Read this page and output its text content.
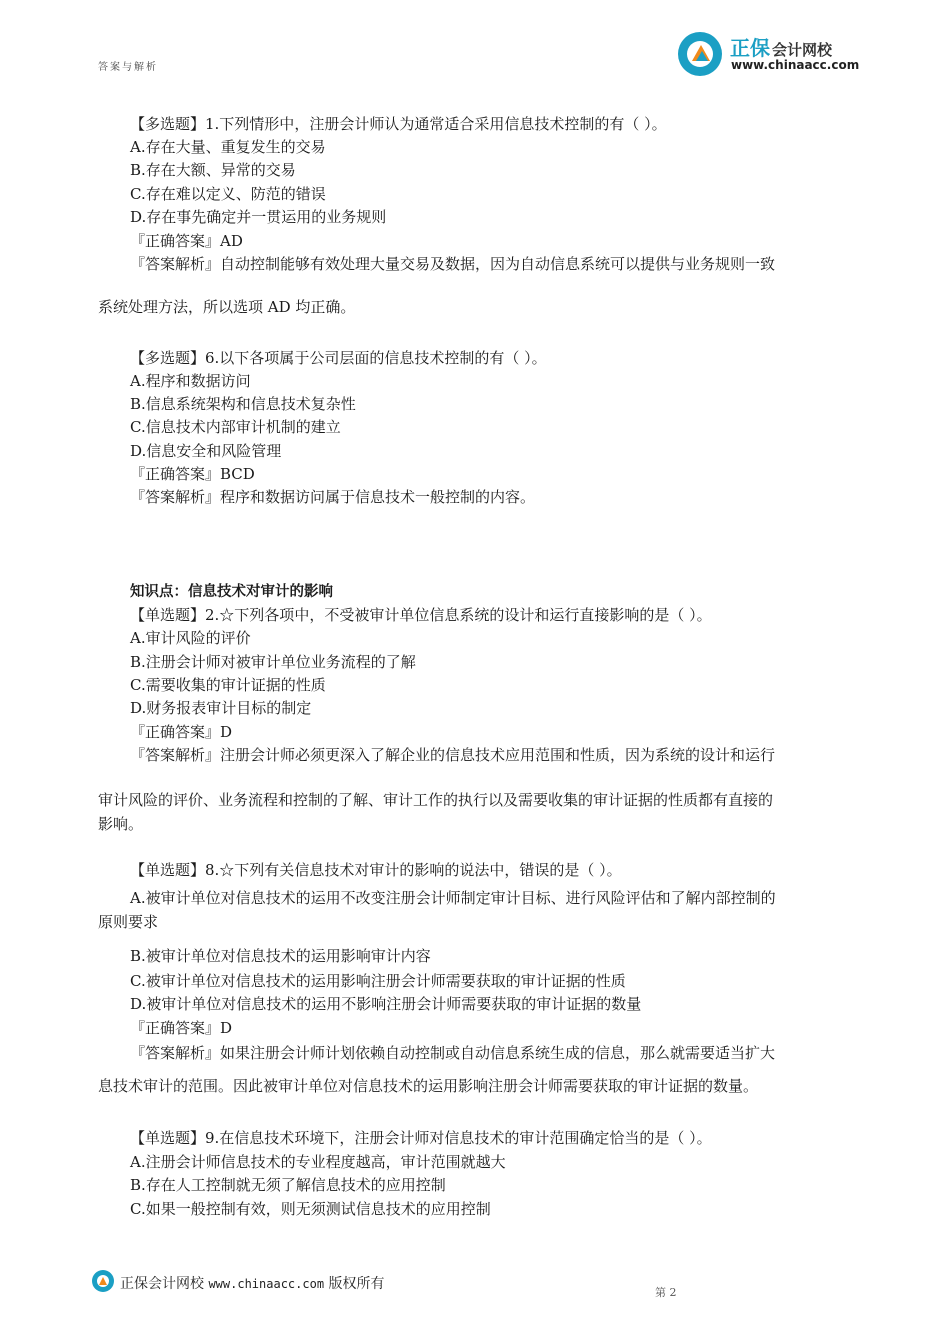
答案与解析
正保 会计网校
www.chinaacc.com
【多选题】1.下列情形中，注册会计师认为通常适合采用信息技术控制的有（ ）。
A.存在大量、重复发生的交易
B.存在大额、异常的交易
C.存在难以定义、防范的错误
D.存在事先确定并一贯运用的业务规则
『正确答案』AD
『答案解析』自动控制能够有效处理大量交易及数据，因为自动信息系统可以提供与业务规则一致
系统处理方法，所以选项 AD 均正确。
【多选题】6.以下各项属于公司层面的信息技术控制的有（ ）。
A.程序和数据访问
B.信息系统架构和信息技术复杂性
C.信息技术内部审计机制的建立
D.信息安全和风险管理
『正确答案』BCD
『答案解析』程序和数据访问属于信息技术一般控制的内容。
知识点：信息技术对审计的影响
【单选题】2.☆下列各项中，不受被审计单位信息系统的设计和运行直接影响的是（ ）。
A.审计风险的评价
B.注册会计师对被审计单位业务流程的了解
C.需要收集的审计证据的性质
D.财务报表审计目标的制定
『正确答案』D
『答案解析』注册会计师必须更深入了解企业的信息技术应用范围和性质，因为系统的设计和运行
审计风险的评价、业务流程和控制的了解、审计工作的执行以及需要收集的审计证据的性质都有直接的
影响。
【单选题】8.☆下列有关信息技术对审计的影响的说法中，错误的是（ ）。
A.被审计单位对信息技术的运用不改变注册会计师制定审计目标、进行风险评估和了解内部控制的
原则要求
B.被审计单位对信息技术的运用影响审计内容
C.被审计单位对信息技术的运用影响注册会计师需要获取的审计证据的性质
D.被审计单位对信息技术的运用不影响注册会计师需要获取的审计证据的数量
『正确答案』D
『答案解析』如果注册会计师计划依赖自动控制或自动信息系统生成的信息，那么就需要适当扩大
息技术审计的范围。因此被审计单位对信息技术的运用影响注册会计师需要获取的审计证据的数量。
【单选题】9.在信息技术环境下，注册会计师对信息技术的审计范围确定恰当的是（ ）。
A.注册会计师信息技术的专业程度越高，审计范围就越大
B.存在人工控制就无须了解信息技术的应用控制
C.如果一般控制有效，则无须测试信息技术的应用控制
正保会计网校 www.chinaacc.com 版权所有
第 2
